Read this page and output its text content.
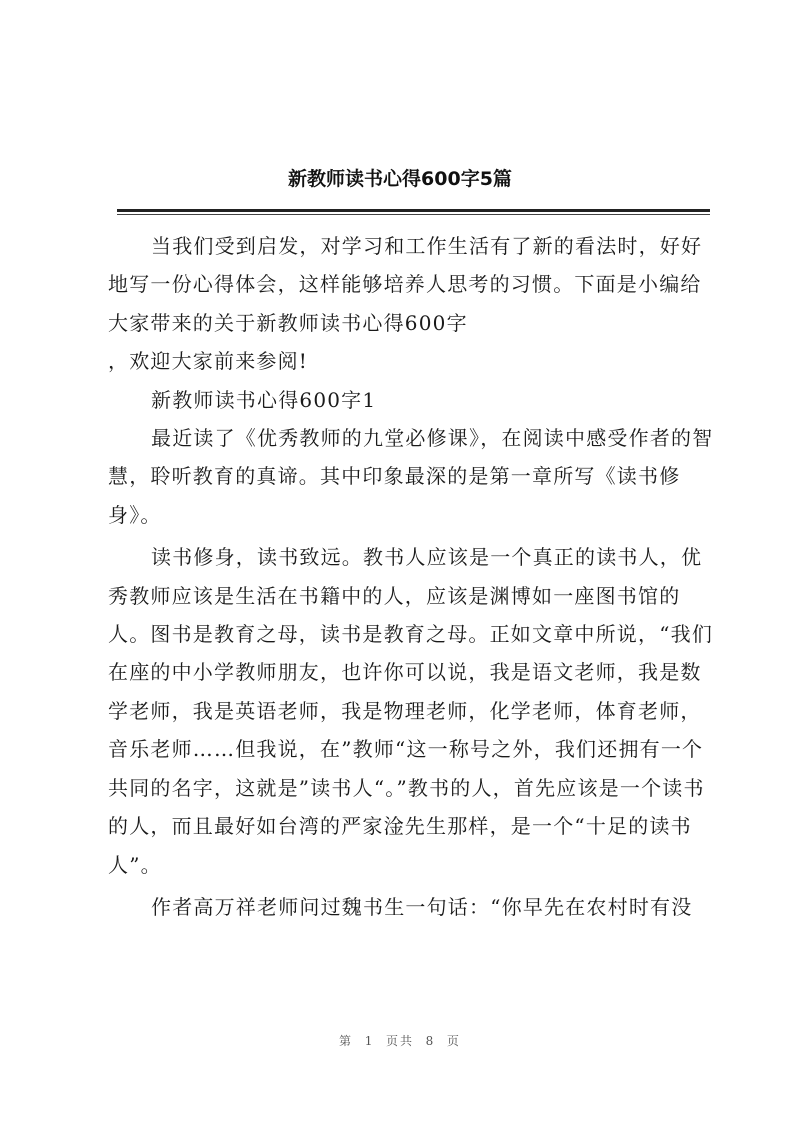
新教师读书心得600字5篇

当我们受到启发，对学习和工作生活有了新的看法时，好好地写一份心得体会，这样能够培养人思考的习惯。下面是小编给大家带来的关于新教师读书心得600字

，欢迎大家前来参阅!

新教师读书心得600字1

最近读了《优秀教师的九堂必修课》，在阅读中感受作者的智慧，聆听教育的真谛。其中印象最深的是第一章所写《读书修身》。

读书修身，读书致远。教书人应该是一个真正的读书人，优秀教师应该是生活在书籍中的人，应该是渊博如一座图书馆的人。图书是教育之母，读书是教育之母。正如文章中所说，“我们在座的中小学教师朋友，也许你可以说，我是语文老师，我是数学老师，我是英语老师，我是物理老师，化学老师，体育老师，音乐老师……但我说，在”教师“这一称号之外，我们还拥有一个共同的名字，这就是”读书人“。”教书的人，首先应该是一个读书的人，而且最好如台湾的严家淦先生那样，是一个“十足的读书人”。

作者高万祥老师问过魏书生一句话：“你早先在农村时有没

第 1 页共 8 页
